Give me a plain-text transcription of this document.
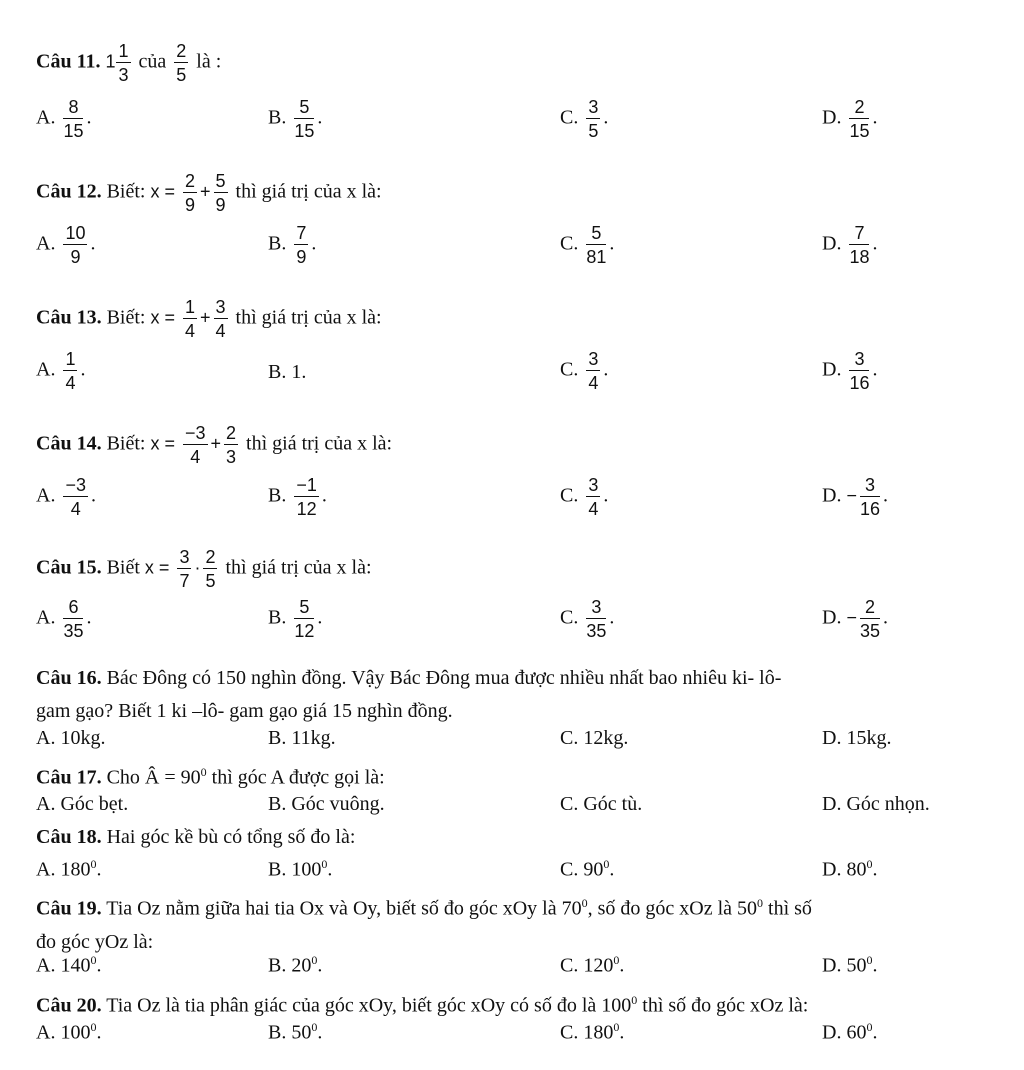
Câu 11. $1 \frac{1}{3}$ của $\frac{2}{5}$ là :
A. $\frac{8}{15}$ .	B. $\frac{5}{15}$ .	C. $\frac{3}{5}$ .	D. $\frac{2}{15}$ .
Câu 12. Biết: $x = \frac{2}{9} + \frac{5}{9}$ thì giá trị của x là:
A. $\frac{10}{9}$ .	B. $\frac{7}{9}$ .	C. $\frac{5}{81}$ .	D. $\frac{7}{18}$ .
Câu 13. Biết: $x = \frac{1}{4} + \frac{3}{4}$ thì giá trị của x là:
A. $\frac{1}{4}$ .	B. 1.	C. $\frac{3}{4}$ .	D. $\frac{3}{16}$ .
Câu 14. Biết: $x = \frac{-3}{4} + \frac{2}{3}$ thì giá trị của x là:
A. $\frac{-3}{4}$ .	B. $\frac{-1}{12}$ .	C. $\frac{3}{4}$ .	D. − $\frac{3}{16}$ .
Câu 15. Biết $x = \frac{3}{7} \cdot \frac{2}{5}$ thì giá trị của x là:
A. $\frac{6}{35}$ .	B. $\frac{5}{12}$ .	C. $\frac{3}{35}$ .	D. − $\frac{2}{35}$ .
Câu 16. Bác Đông có 150 nghìn đồng. Vậy Bác Đông mua được nhiều nhất bao nhiêu ki- lô-
gam gạo? Biết 1 ki –lô- gam gạo giá 15 nghìn đồng.
A. 10kg.	B. 11kg.	C. 12kg.	D. 15kg.
Câu 17. Cho Â = $90^0$ thì góc A được gọi là:
A. Góc bẹt.	B. Góc vuông.	C. Góc tù.	D. Góc nhọn.
Câu 18. Hai góc kề bù có tổng số đo là:
A. $180^0$.	B. $100^0$.	C. $90^0$.	D. $80^0$.
Câu 19. Tia Oz nằm giữa hai tia Ox và Oy, biết số đo góc xOy là $70^0$, số đo góc xOz là $50^0$ thì số
đo góc yOz là:
A. $140^0$.	B. $20^0$.	C. $120^0$.	D. $50^0$.
Câu 20. Tia Oz là tia phân giác của góc xOy, biết góc xOy có số đo là $100^0$ thì số đo góc xOz là:
A. $100^0$.	B. $50^0$.	C. $180^0$.	D. $60^0$.
